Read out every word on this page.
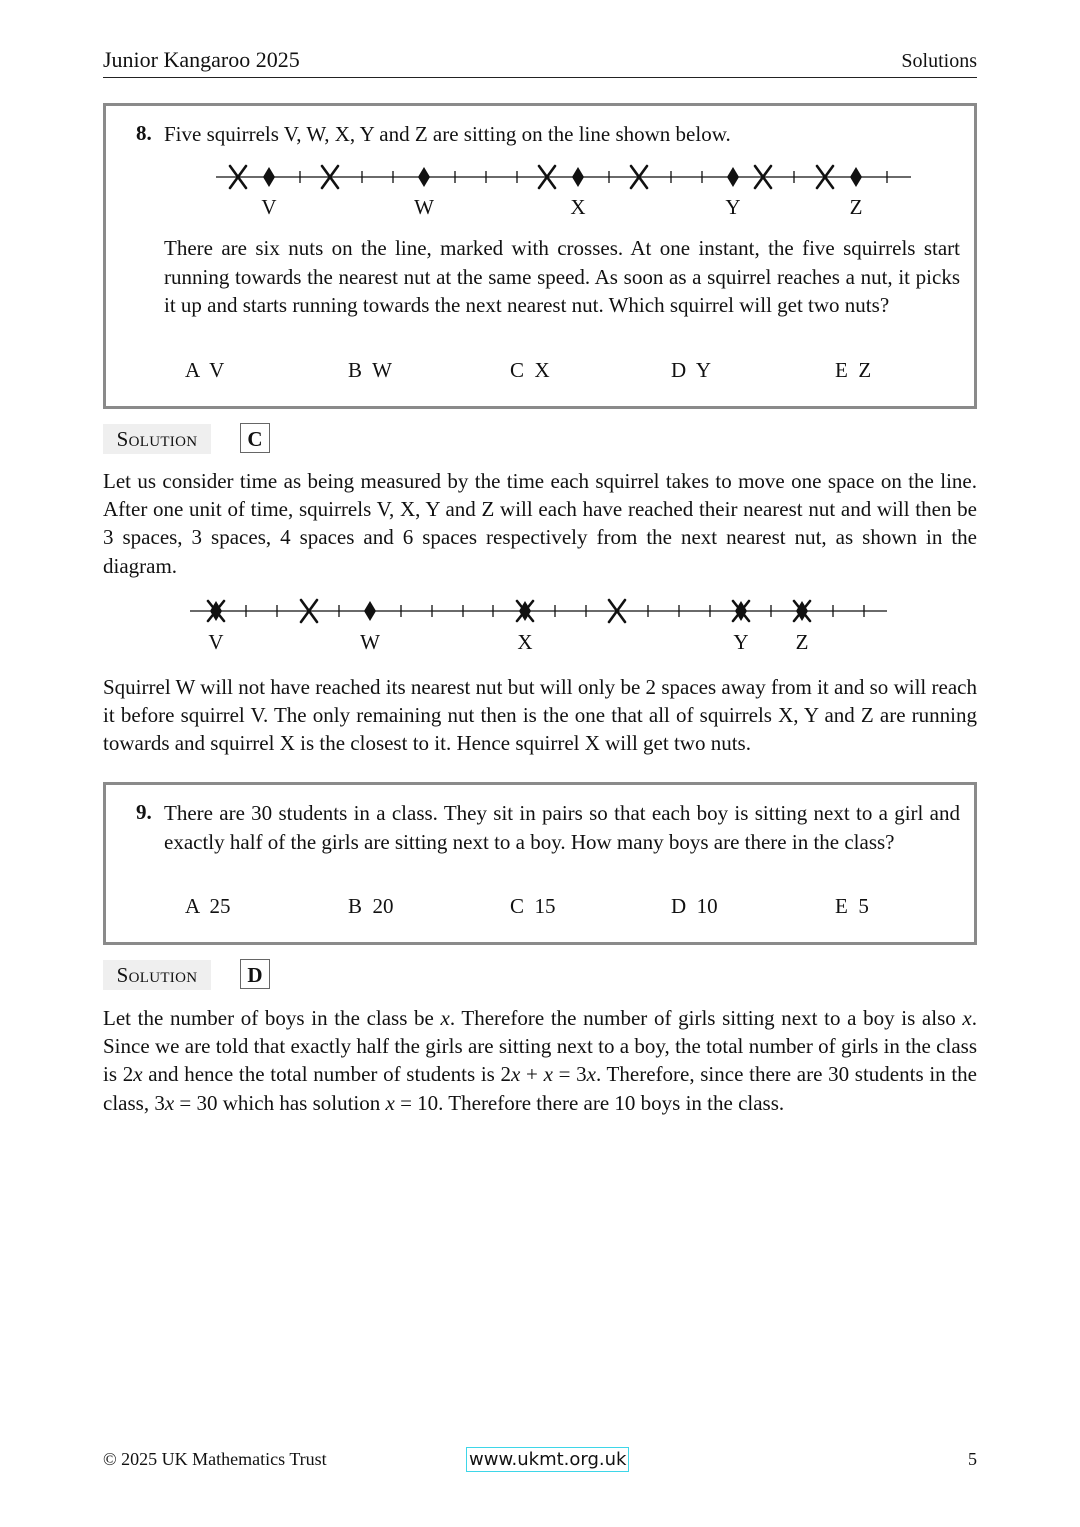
Junior Kangaroo 2025	Solutions
8. Five squirrels V, W, X, Y and Z are sitting on the line shown below.
V	W	X	Y	Z
There are six nuts on the line, marked with crosses. At one instant, the five squirrels start running towards the nearest nut at the same speed. As soon as a squirrel reaches a nut, it picks it up and starts running towards the next nearest nut. Which squirrel will get two nuts?
A  V	B  W	C  X	D  Y	E  Z
Solution	C
Let us consider time as being measured by the time each squirrel takes to move one space on the line. After one unit of time, squirrels V, X, Y and Z will each have reached their nearest nut and will then be 3 spaces, 3 spaces, 4 spaces and 6 spaces respectively from the next nearest nut, as shown in the diagram.
V	W	X	Y Z
Squirrel W will not have reached its nearest nut but will only be 2 spaces away from it and so will reach it before squirrel V. The only remaining nut then is the one that all of squirrels X, Y and Z are running towards and squirrel X is the closest to it. Hence squirrel X will get two nuts.
9. There are 30 students in a class. They sit in pairs so that each boy is sitting next to a girl and exactly half of the girls are sitting next to a boy. How many boys are there in the class?
A  25	B  20	C  15	D  10	E  5
Solution	D
Let the number of boys in the class be x. Therefore the number of girls sitting next to a boy is also x. Since we are told that exactly half the girls are sitting next to a boy, the total number of girls in the class is 2x and hence the total number of students is 2x + x = 3x. Therefore, since there are 30 students in the class, 3x = 30 which has solution x = 10. Therefore there are 10 boys in the class.
© 2025 UK Mathematics Trust	www.ukmt.org.uk	5
